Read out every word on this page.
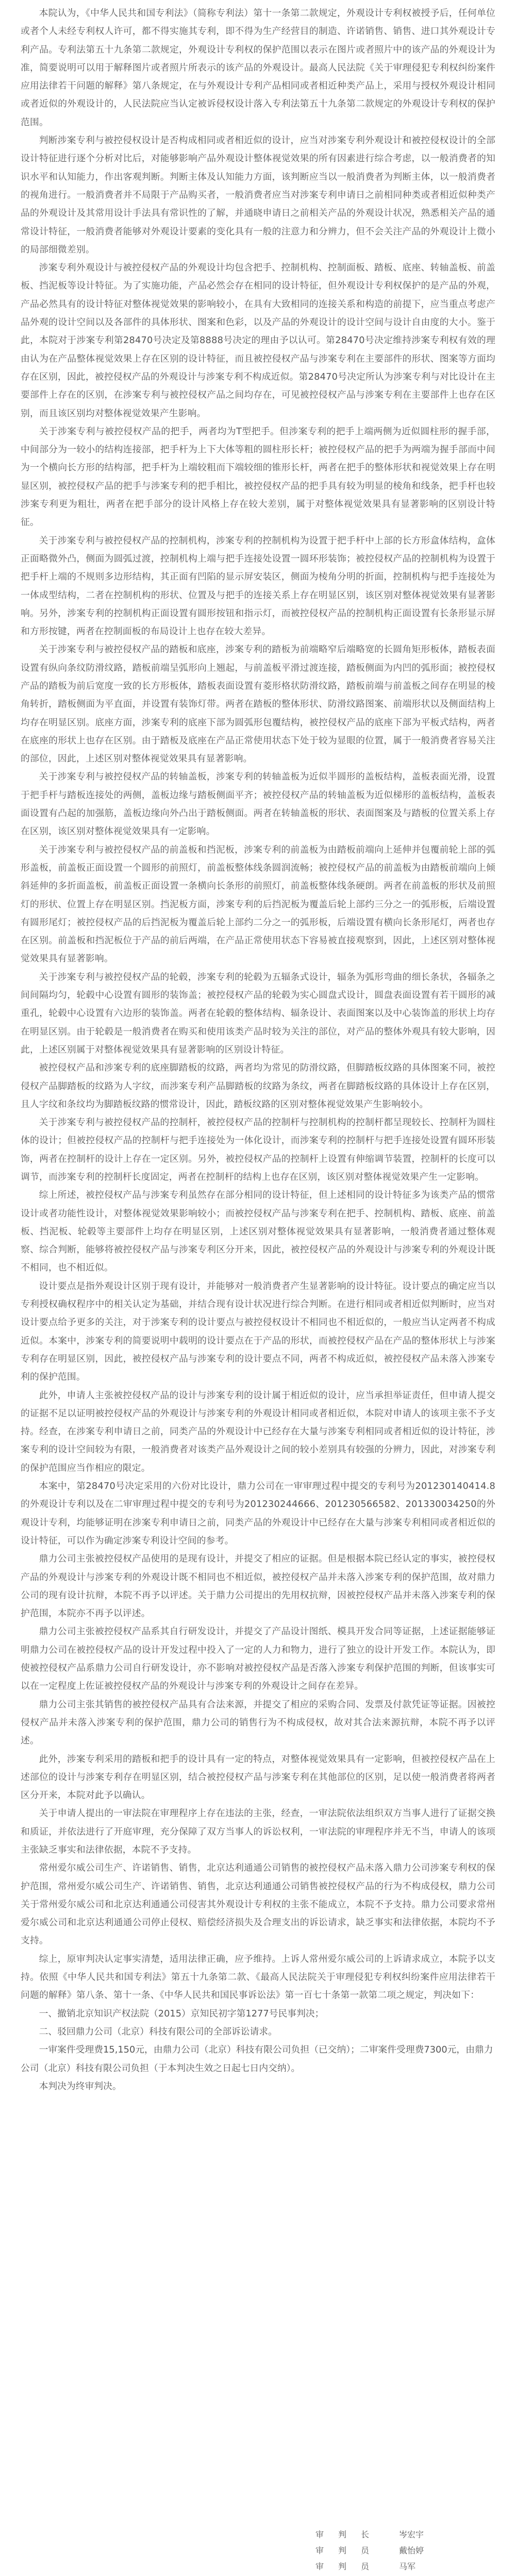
本院认为，《中华人民共和国专利法》（简称专利法）第十一条第二款规定，外观设计专利权被授予后，任何单位或者个人未经专利权人许可，都不得实施其专利，即不得为生产经营目的制造、许诺销售、销售、进口其外观设计专利产品。专利法第五十九条第二款规定，外观设计专利权的保护范围以表示在图片或者照片中的该产品的外观设计为准，简要说明可以用于解释图片或者照片所表示的该产品的外观设计。最高人民法院《关于审理侵犯专利权纠纷案件应用法律若干问题的解释》第八条规定，在与外观设计专利产品相同或者相近种类产品上，采用与授权外观设计相同或者近似的外观设计的，人民法院应当认定被诉侵权设计落入专利法第五十九条第二款规定的外观设计专利权的保护范围。

判断涉案专利与被控侵权设计是否构成相同或者相近似的设计，应当对涉案专利外观设计和被控侵权设计的全部设计特征进行逐个分析对比后，对能够影响产品外观设计整体视觉效果的所有因素进行综合考虑，以一般消费者的知识水平和认知能力，作出客观判断。判断主体及认知能力方面，该判断应当以一般消费者为判断主体，以一般消费者的视角进行。一般消费者并不局限于产品购买者，一般消费者应当对涉案专利申请日之前相同种类或者相近似种类产品的外观设计及其常用设计手法具有常识性的了解，并通晓申请日之前相关产品的外观设计状况，熟悉相关产品的通常设计特征，一般消费者能够对外观设计要素的变化具有一般的注意力和分辨力，但不会关注产品的外观设计上微小的局部细微差别。

涉案专利外观设计与被控侵权产品的外观设计均包含把手、控制机构、控制面板、踏板、底座、转轴盖板、前盖板、挡泥板等设计特征。为了实施功能，产品必然会存在相同的设计特征，但外观设计专利权保护的是产品的外观，产品必然具有的设计特征对整体视觉效果的影响较小，在具有大致相同的连接关系和构造的前提下，应当重点考虑产品外观的设计空间以及各部件的具体形状、图案和色彩，以及产品的外观设计的设计空间与设计自由度的大小。鉴于此，本院对于涉案专利第28470号决定及第8888号决定的理由予以认可。第28470号决定维持涉案专利权有效的理由认为在产品整体视觉效果上存在区别的设计特征，而且被控侵权产品与涉案专利在主要部件的形状、图案等方面均存在区别，因此，被控侵权产品的外观设计与涉案专利不构成近似。第28470号决定所认为涉案专利与对比设计在主要部件上存在的区别，在涉案专利与被控侵权产品之间均存在，可见被控侵权产品与涉案专利在主要部件上也存在区别，而且该区别均对整体视觉效果产生影响。

关于涉案专利与被控侵权产品的把手，两者均为T型把手。但涉案专利的把手上端两侧为近似圆柱形的握手部，中间部分为一较小的结构连接部，把手杆为上下大体等粗的圆柱形长杆；被控侵权产品的把手为两端为握手部而中间为一个横向长方形的结构部，把手杆为上端较粗而下端较细的锥形长杆，两者在把手的整体形状和视觉效果上存在明显区别，被控侵权产品的把手与涉案专利的把手相比，被控侵权产品的把手具有较为明显的棱角和线条，把手杆也较涉案专利更为粗壮，两者在把手部分的设计风格上存在较大差别，属于对整体视觉效果具有显著影响的区别设计特征。

关于涉案专利与被控侵权产品的控制机构，涉案专利的控制机构为设置于把手杆中上部的长方形盒体结构，盒体正面略微外凸，侧面为圆弧过渡，控制机构上端与把手连接处设置一圆环形装饰；被控侵权产品的控制机构为设置于把手杆上端的不规则多边形结构，其正面有凹陷的显示屏安装区，侧面为棱角分明的折面，控制机构与把手连接处为一体成型结构，二者在控制机构的形状、位置及与把手的连接关系上存在明显区别，该区别对整体视觉效果有显著影响。另外，涉案专利的控制机构正面设置有圆形按钮和指示灯，而被控侵权产品的控制机构正面设置有长条形显示屏和方形按键，两者在控制面板的布局设计上也存在较大差异。

关于涉案专利与被控侵权产品的踏板和底座，涉案专利的踏板为前端略窄后端略宽的长圆角矩形板体，踏板表面设置有纵向条纹防滑纹路，踏板前端呈弧形向上翘起，与前盖板平滑过渡连接，踏板侧面为内凹的弧形面；被控侵权产品的踏板为前后宽度一致的长方形板体，踏板表面设置有菱形格状防滑纹路，踏板前端与前盖板之间存在明显的棱角转折，踏板侧面为平直面，并设置有装饰灯带。两者在踏板的整体形状、防滑纹路图案、前端形状以及侧面结构上均存在明显区别。底座方面，涉案专利的底座下部为圆弧形包覆结构，被控侵权产品的底座下部为平板式结构，两者在底座的形状上也存在区别。由于踏板及底座在产品正常使用状态下处于较为显眼的位置，属于一般消费者容易关注的部位，因此，上述区别对整体视觉效果具有显著影响。

关于涉案专利与被控侵权产品的转轴盖板，涉案专利的转轴盖板为近似半圆形的盖板结构，盖板表面光滑，设置于把手杆与踏板连接处的两侧，盖板边缘与踏板侧面平齐；被控侵权产品的转轴盖板为近似梯形的盖板结构，盖板表面设置有凸起的加强筋，盖板边缘向外凸出于踏板侧面。两者在转轴盖板的形状、表面图案及与踏板的位置关系上存在区别，该区别对整体视觉效果具有一定影响。

关于涉案专利与被控侵权产品的前盖板和挡泥板，涉案专利的前盖板为由踏板前端向上延伸并包覆前轮上部的弧形盖板，前盖板正面设置一个圆形的前照灯，前盖板整体线条圆润流畅；被控侵权产品的前盖板为由踏板前端向上倾斜延伸的多折面盖板，前盖板正面设置一条横向长条形的前照灯，前盖板整体线条硬朗。两者在前盖板的形状及前照灯的形状、位置上存在明显区别。挡泥板方面，涉案专利的后挡泥板为覆盖后轮上部约三分之一的弧形板，后端设置有圆形尾灯；被控侵权产品的后挡泥板为覆盖后轮上部约二分之一的弧形板，后端设置有横向长条形尾灯，两者也存在区别。前盖板和挡泥板位于产品的前后两端，在产品正常使用状态下容易被直接观察到，因此，上述区别对整体视觉效果具有显著影响。

关于涉案专利与被控侵权产品的轮毂，涉案专利的轮毂为五辐条式设计，辐条为弧形弯曲的细长条状，各辐条之间间隔均匀，轮毂中心设置有圆形的装饰盖；被控侵权产品的轮毂为实心圆盘式设计，圆盘表面设置有若干圆形的减重孔，轮毂中心设置有六边形的装饰盖。两者在轮毂的整体结构、辐条设计、表面图案以及中心装饰盖的形状上均存在明显区别。由于轮毂是一般消费者在购买和使用该类产品时较为关注的部位，对产品的整体外观具有较大影响，因此，上述区别属于对整体视觉效果具有显著影响的区别设计特征。

被控侵权产品和涉案专利的底座脚踏板的纹路，两者均为常见的防滑纹路，但脚踏板纹路的具体图案不同，被控侵权产品脚踏板的纹路为人字纹，而涉案专利产品脚踏板的纹路为条纹，两者在脚踏板纹路的具体设计上存在区别，且人字纹和条纹均为脚踏板纹路的惯常设计，因此，踏板纹路的区别对整体视觉效果产生影响较小。

关于涉案专利与被控侵权产品的控制杆，被控侵权产品的控制杆与控制机构的控制杆都呈现较长、控制杆为圆柱体的设计；但被控侵权产品的控制杆与把手连接处为一体化设计，而涉案专利的控制杆与把手连接处设置有圆环形装饰，两者在控制杆的设计上存在一定区别。另外，被控侵权产品的控制杆上设置有伸缩调节装置，控制杆的长度可以调节，而涉案专利的控制杆长度固定，两者在控制杆的结构上也存在区别，该区别对整体视觉效果产生一定影响。

综上所述，被控侵权产品与涉案专利虽然存在部分相同的设计特征，但上述相同的设计特征多为该类产品的惯常设计或者功能性设计，对整体视觉效果影响较小；而被控侵权产品与涉案专利在把手、控制机构、踏板、底座、前盖板、挡泥板、轮毂等主要部件上均存在明显区别，上述区别对整体视觉效果具有显著影响，一般消费者通过整体观察、综合判断，能够将被控侵权产品与涉案专利区分开来，因此，被控侵权产品的外观设计与涉案专利的外观设计既不相同，也不相近似。

设计要点是指外观设计区别于现有设计，并能够对一般消费者产生显著影响的设计特征。设计要点的确定应当以专利授权确权程序中的相关认定为基础，并结合现有设计状况进行综合判断。在进行相同或者相近似判断时，应当对设计要点给予更多的关注，对于涉案专利的设计要点与被控侵权设计不相同也不相近似的，一般应当认定两者不构成近似。本案中，涉案专利的简要说明中载明的设计要点在于产品的形状，而被控侵权产品在产品的整体形状上与涉案专利存在明显区别，因此，被控侵权产品与涉案专利的设计要点不同，两者不构成近似，被控侵权产品未落入涉案专利的保护范围。

此外，申请人主张被控侵权产品的设计与涉案专利的设计属于相近似的设计，应当承担举证责任，但申请人提交的证据不足以证明被控侵权产品的外观设计与涉案专利的外观设计相同或者相近似，本院对申请人的该项主张不予支持。经查，在涉案专利申请日之前，同类产品的外观设计中已经存在大量与涉案专利相同或者相近似的设计特征，涉案专利的设计空间较为有限，一般消费者对该类产品外观设计之间的较小差别具有较强的分辨力，因此，对涉案专利的保护范围应当作相应的限定。

本案中，第28470号决定采用的六份对比设计，鼎力公司在一审审理过程中提交的专利号为201230140414.8的外观设计专利以及在二审审理过程中提交的专利号为201230244666、201230566582、201330034250的外观设计专利，均能够证明在涉案专利申请日之前，同类产品的外观设计中已经存在大量与涉案专利相同或者相近似的设计特征，可以作为确定涉案专利设计空间的参考。

鼎力公司主张被控侵权产品使用的是现有设计，并提交了相应的证据。但是根据本院已经认定的事实，被控侵权产品的外观设计与涉案专利的外观设计既不相同也不相近似，被控侵权产品并未落入涉案专利的保护范围，故对鼎力公司的现有设计抗辩，本院不再予以评述。关于鼎力公司提出的先用权抗辩，因被控侵权产品并未落入涉案专利的保护范围，本院亦不再予以评述。

鼎力公司主张被控侵权产品系其自行研发设计，并提交了产品设计图纸、模具开发合同等证据，上述证据能够证明鼎力公司在被控侵权产品的设计开发过程中投入了一定的人力和物力，进行了独立的设计开发工作。本院认为，即使被控侵权产品系鼎力公司自行研发设计，亦不影响对被控侵权产品是否落入涉案专利保护范围的判断，但该事实可以在一定程度上佐证被控侵权产品的外观设计与涉案专利的外观设计之间存在差异。

鼎力公司主张其销售的被控侵权产品具有合法来源，并提交了相应的采购合同、发票及付款凭证等证据。因被控侵权产品并未落入涉案专利的保护范围，鼎力公司的销售行为不构成侵权，故对其合法来源抗辩，本院不再予以评述。

此外，涉案专利采用的踏板和把手的设计具有一定的特点，对整体视觉效果具有一定影响，但被控侵权产品在上述部位的设计与涉案专利存在明显区别，结合被控侵权产品与涉案专利在其他部位的区别，足以使一般消费者将两者区分开来，本院对此予以确认。

关于申请人提出的一审法院在审理程序上存在违法的主张，经查，一审法院依法组织双方当事人进行了证据交换和质证，并依法进行了开庭审理，充分保障了双方当事人的诉讼权利，一审法院的审理程序并无不当，申请人的该项主张缺乏事实和法律依据，本院不予支持。

常州爱尔威公司生产、许诺销售、销售，北京达利通通公司销售的被控侵权产品未落入鼎力公司涉案专利权的保护范围，常州爱尔威公司生产、许诺销售、销售，北京达利通通公司销售被控侵权产品的行为不构成侵权，鼎力公司关于常州爱尔威公司和北京达利通通公司侵害其外观设计专利权的主张不能成立，本院不予支持。鼎力公司要求常州爱尔威公司和北京达利通通公司停止侵权、赔偿经济损失及合理支出的诉讼请求，缺乏事实和法律依据，本院均不予支持。

综上，原审判决认定事实清楚，适用法律正确，应予维持。上诉人常州爱尔威公司的上诉请求成立，本院予以支持。依照《中华人民共和国专利法》第五十九条第二款、《最高人民法院关于审理侵犯专利权纠纷案件应用法律若干问题的解释》第八条、第十一条、《中华人民共和国民事诉讼法》第一百七十条第一款第二项之规定，判决如下：

一、撤销北京知识产权法院（2015）京知民初字第1277号民事判决；
二、驳回鼎力公司（北京）科技有限公司的全部诉讼请求。
一审案件受理费15,150元，由鼎力公司（北京）科技有限公司负担（已交纳）；二审案件受理费7300元，由鼎力公司（北京）科技有限公司负担（于本判决生效之日起七日内交纳）。
本判决为终审判决。
审判长	岑宏宇
审判员	戴怡婷
审判员	马军
